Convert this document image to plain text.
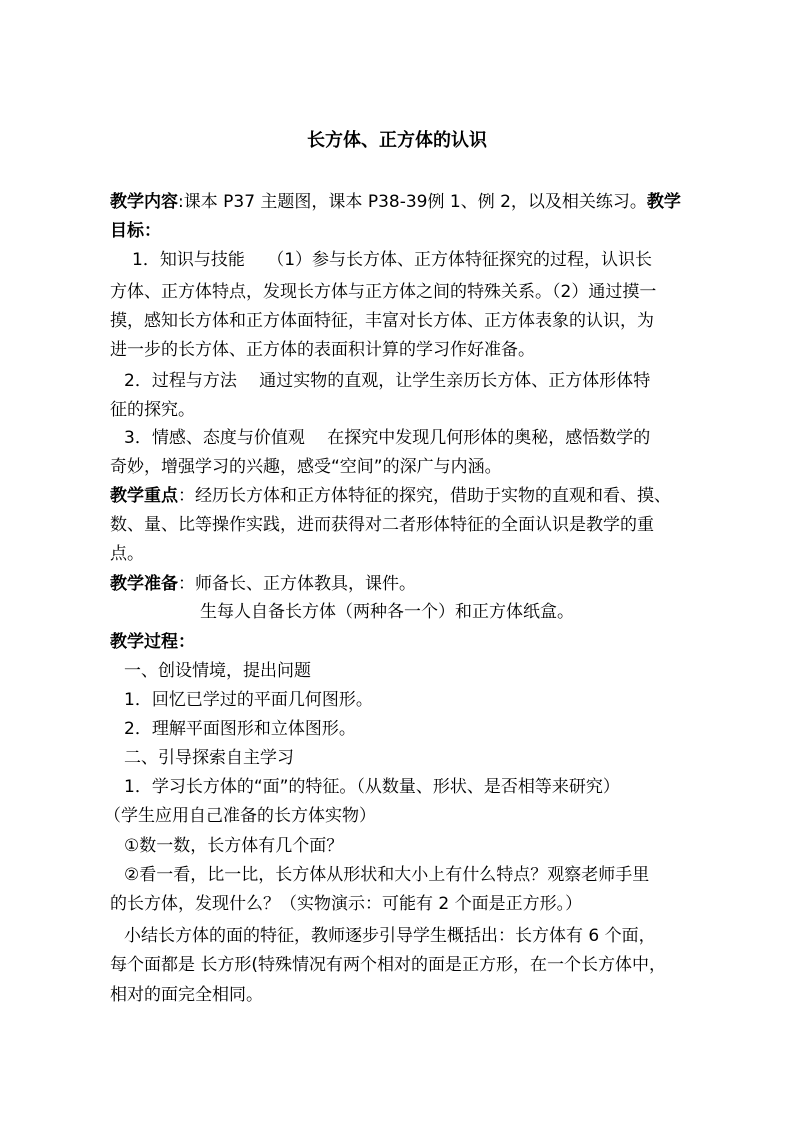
长方体、正方体的认识
教学内容:课本 P37 主题图，课本 P38-39例 1、例 2，以及相关练习。教学
目标：
1．知识与技能　 （1）参与长方体、正方体特征探究的过程，认识长
方体、正方体特点，发现长方体与正方体之间的特殊关系。（2）通过摸一
摸，感知长方体和正方体面特征，丰富对长方体、正方体表象的认识，为
进一步的长方体、正方体的表面积计算的学习作好准备。
2．过程与方法　 通过实物的直观，让学生亲历长方体、正方体形体特
征的探究。
3．情感、态度与价值观　 在探究中发现几何形体的奥秘，感悟数学的
奇妙，增强学习的兴趣，感受“空间”的深广与内涵。
教学重点：经历长方体和正方体特征的探究，借助于实物的直观和看、摸、
数、量、比等操作实践，进而获得对二者形体特征的全面认识是教学的重
点。
教学准备：师备长、正方体教具，课件。
生每人自备长方体（两种各一个）和正方体纸盒。
教学过程：
一、创设情境，提出问题
1．回忆已学过的平面几何图形。
2．理解平面图形和立体图形。
二、引导探索自主学习
1．学习长方体的“面”的特征。（从数量、形状、是否相等来研究）
（学生应用自己准备的长方体实物）
①数一数，长方体有几个面？
②看一看，比一比，长方体从形状和大小上有什么特点？观察老师手里
的长方体，发现什么？（实物演示：可能有 2 个面是正方形。）
小结长方体的面的特征，教师逐步引导学生概括出：长方体有 6 个面，
每个面都是 长方形(特殊情况有两个相对的面是正方形，在一个长方体中，
相对的面完全相同。
